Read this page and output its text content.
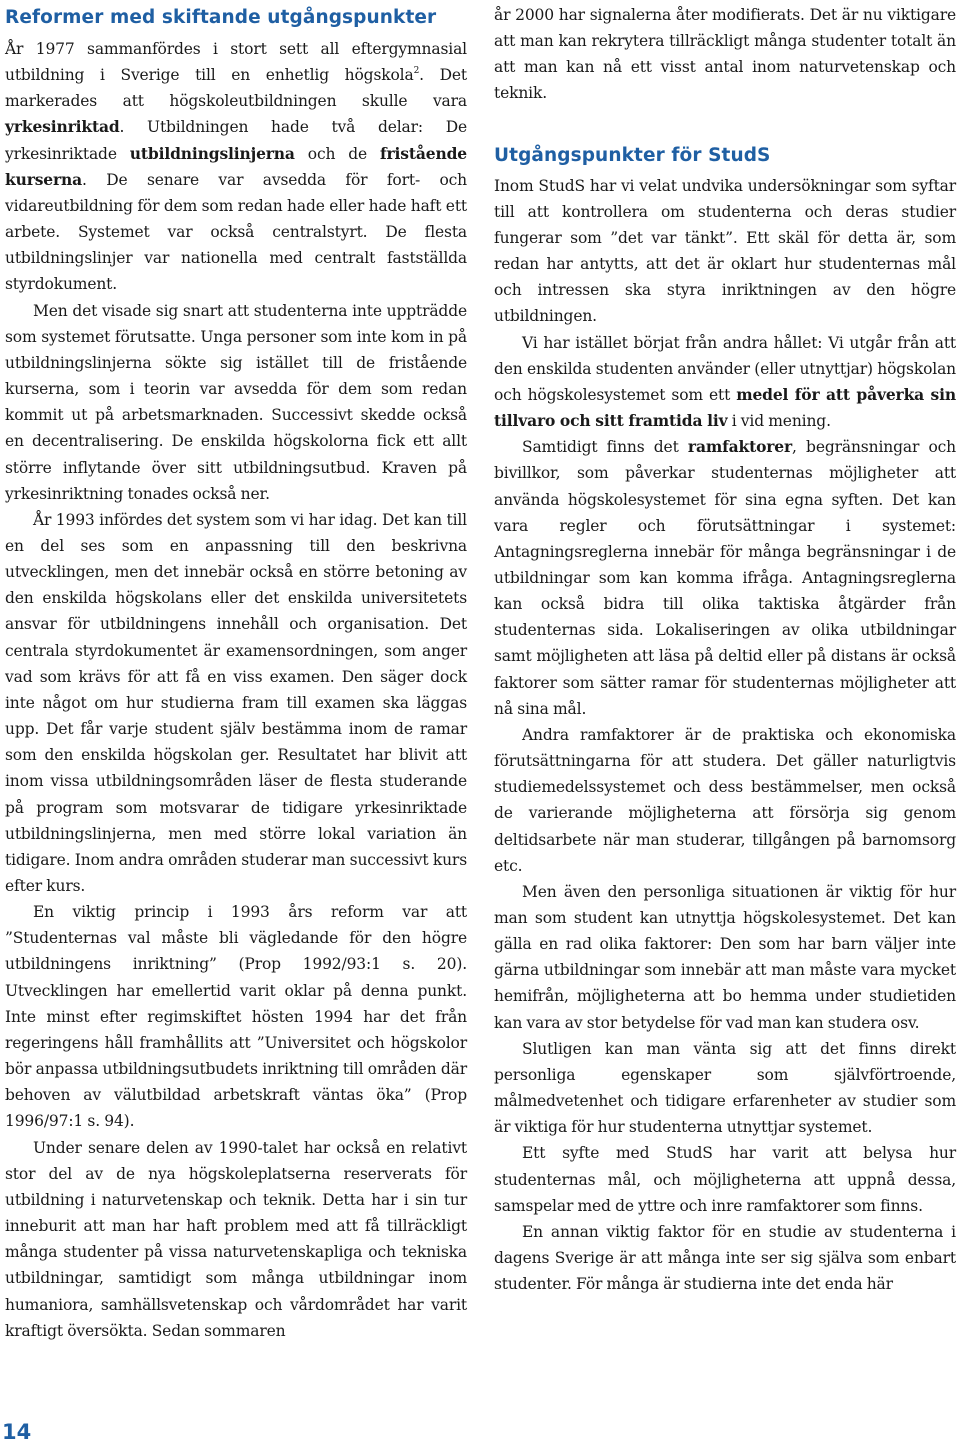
Reformer med skiftande utgångspunkter

År 1977 sammanfördes i stort sett all eftergymnasial utbildning i Sverige till en enhetlig högskola$^2$. Det markerades att högskoleutbildningen skulle vara yrkesinriktad. Utbildningen hade två delar: De yrkesinriktade utbildningslinjerna och de fristående kurserna. De senare var avsedda för fort- och vidareutbildning för dem som redan hade eller hade haft ett arbete. Systemet var också centralstyrt. De flesta utbildningslinjer var nationella med centralt fastställda styrdokument.

Men det visade sig snart att studenterna inte uppträdde som systemet förutsatte. Unga personer som inte kom in på utbildningslinjerna sökte sig istället till de fristående kurserna, som i teorin var avsedda för dem som redan kommit ut på arbetsmarknaden. Successivt skedde också en decentralisering. De enskilda högskolorna fick ett allt större inflytande över sitt utbildningsutbud. Kraven på yrkesinriktning tonades också ner.

År 1993 infördes det system som vi har idag. Det kan till en del ses som en anpassning till den beskrivna utvecklingen, men det innebär också en större betoning av den enskilda högskolans eller det enskilda universitetets ansvar för utbildningens innehåll och organisation. Det centrala styrdokumentet är examensordningen, som anger vad som krävs för att få en viss examen. Den säger dock inte något om hur studierna fram till examen ska läggas upp. Det får varje student själv bestämma inom de ramar som den enskilda högskolan ger. Resultatet har blivit att inom vissa utbildningsområden läser de flesta studerande på program som motsvarar de tidigare yrkesinriktade utbildningslinjerna, men med större lokal variation än tidigare. Inom andra områden studerar man successivt kurs efter kurs.

En viktig princip i 1993 års reform var att ”Studenternas val måste bli vägledande för den högre utbildningens inriktning” (Prop 1992/93:1 s. 20). Utvecklingen har emellertid varit oklar på denna punkt. Inte minst efter regimskiftet hösten 1994 har det från regeringens håll framhållits att ”Universitet och högskolor bör anpassa utbildningsutbudets inriktning till områden där behoven av välutbildad arbetskraft väntas öka” (Prop 1996/97:1 s. 94).

Under senare delen av 1990-talet har också en relativt stor del av de nya högskoleplatserna reserverats för utbildning i naturvetenskap och teknik. Detta har i sin tur inneburit att man har haft problem med att få tillräckligt många studenter på vissa naturvetenskapliga och tekniska utbildningar, samtidigt som många utbildningar inom humaniora, samhällsvetenskap och vårdområdet har varit kraftigt översökta. Sedan sommaren

år 2000 har signalerna åter modifierats. Det är nu viktigare att man kan rekrytera tillräckligt många studenter totalt än att man kan nå ett visst antal inom naturvetenskap och teknik.

Utgångspunkter för StudS

Inom StudS har vi velat undvika undersökningar som syftar till att kontrollera om studenterna och deras studier fungerar som ”det var tänkt”. Ett skäl för detta är, som redan har antytts, att det är oklart hur studenternas mål och intressen ska styra inriktningen av den högre utbildningen.

Vi har istället börjat från andra hållet: Vi utgår från att den enskilda studenten använder (eller utnyttjar) högskolan och högskolesystemet som ett medel för att påverka sin tillvaro och sitt framtida liv i vid mening.

Samtidigt finns det ramfaktorer, begränsningar och bivillkor, som påverkar studenternas möjligheter att använda högskolesystemet för sina egna syften. Det kan vara regler och förutsättningar i systemet: Antagningsreglerna innebär för många begränsningar i de utbildningar som kan komma ifråga. Antagningsreglerna kan också bidra till olika taktiska åtgärder från studenternas sida. Lokaliseringen av olika utbildningar samt möjligheten att läsa på deltid eller på distans är också faktorer som sätter ramar för studenternas möjligheter att nå sina mål.

Andra ramfaktorer är de praktiska och ekonomiska förutsättningarna för att studera. Det gäller naturligtvis studiemedelssystemet och dess bestämmelser, men också de varierande möjligheterna att försörja sig genom deltidsarbete när man studerar, tillgången på barnomsorg etc.

Men även den personliga situationen är viktig för hur man som student kan utnyttja högskolesystemet. Det kan gälla en rad olika faktorer: Den som har barn väljer inte gärna utbildningar som innebär att man måste vara mycket hemifrån, möjligheterna att bo hemma under studietiden kan vara av stor betydelse för vad man kan studera osv.

Slutligen kan man vänta sig att det finns direkt personliga egenskaper som självförtroende, målmedvetenhet och tidigare erfarenheter av studier som är viktiga för hur studenterna utnyttjar systemet.

Ett syfte med StudS har varit att belysa hur studenternas mål, och möjligheterna att uppnå dessa, samspelar med de yttre och inre ramfaktorer som finns.

En annan viktig faktor för en studie av studenterna i dagens Sverige är att många inte ser sig själva som enbart studenter. För många är studierna inte det enda här

14
